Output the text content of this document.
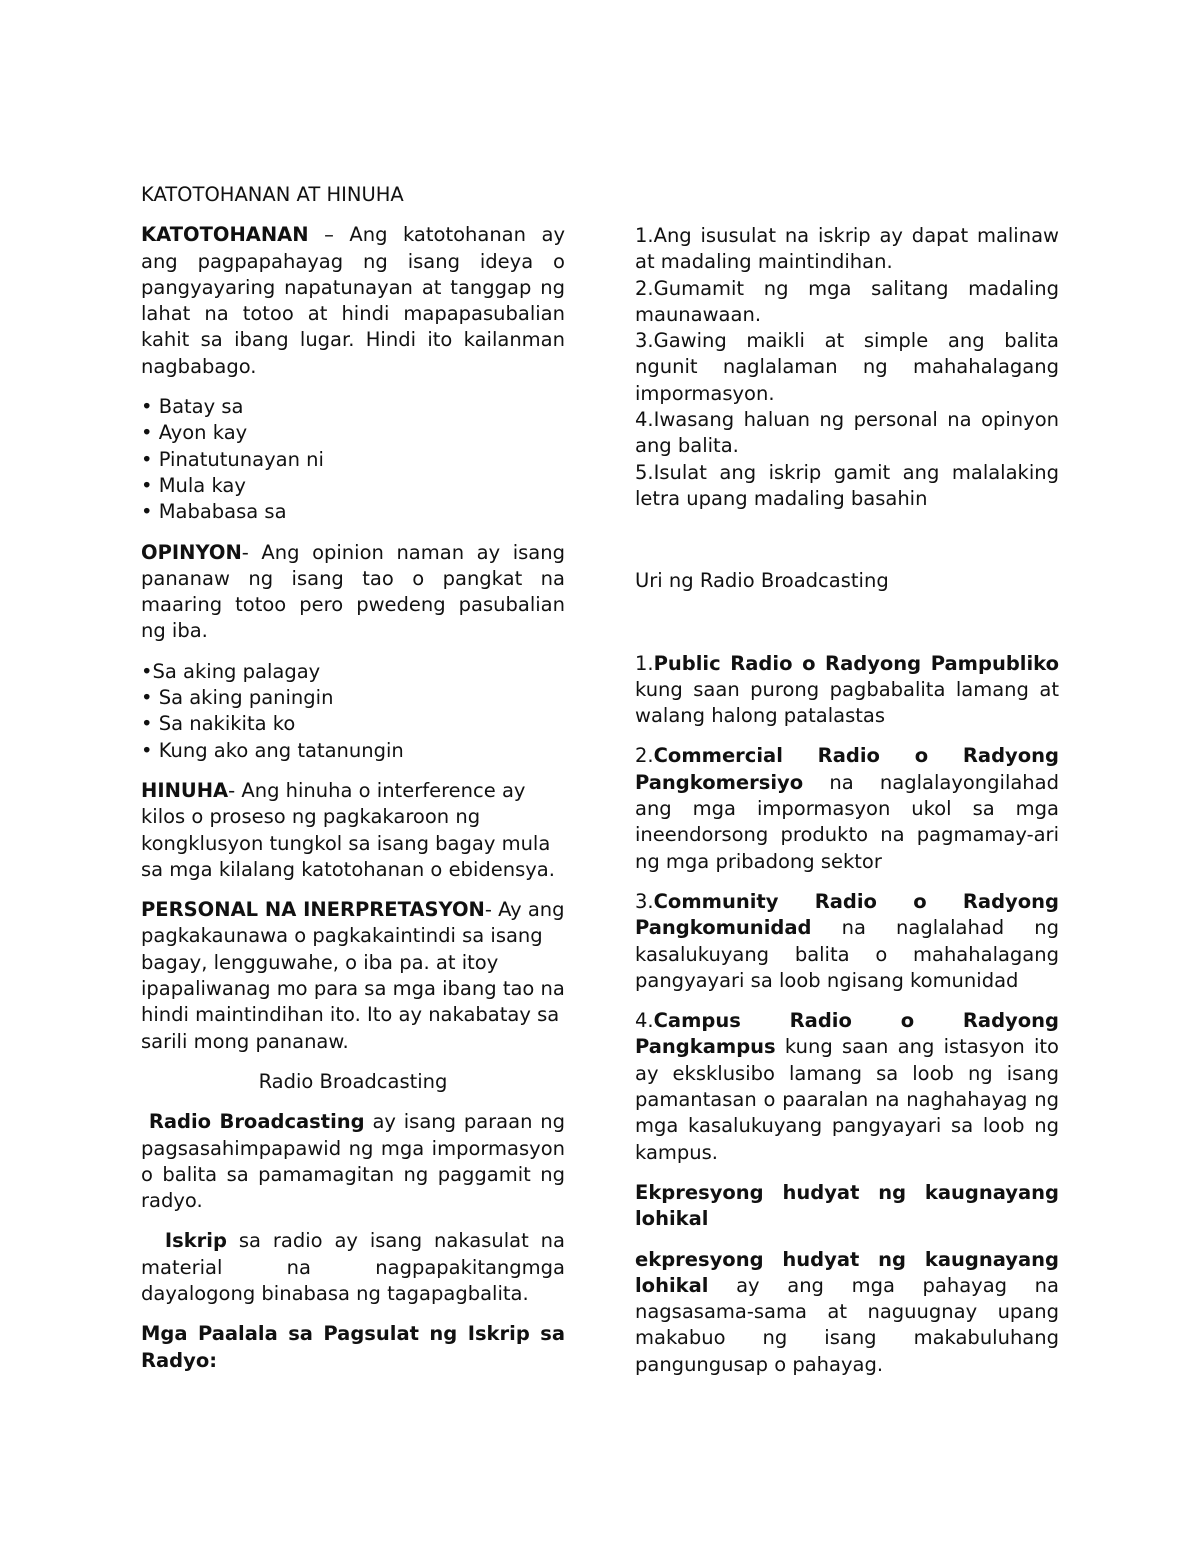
KATOTOHANAN AT HINUHA

KATOTOHANAN – Ang katotohanan ay ang pagpapahayag ng isang ideya o pangyayaring napatunayan at tanggap ng lahat na totoo at hindi mapapasubalian kahit sa ibang lugar. Hindi ito kailanman nagbabago.

• Batay sa
• Ayon kay
• Pinatutunayan ni
• Mula kay
• Mababasa sa

OPINYON- Ang opinion naman ay isang pananaw ng isang tao o pangkat na maaring totoo pero pwedeng pasubalian ng iba.

•Sa aking palagay
• Sa aking paningin
• Sa nakikita ko
• Kung ako ang tatanungin

HINUHA- Ang hinuha o interference ay kilos o proseso ng pagkakaroon ng kongklusyon tungkol sa isang bagay mula sa mga kilalang katotohanan o ebidensya.

PERSONAL NA INERPRETASYON- Ay ang pagkakaunawa o pagkakaintindi sa isang bagay, lengguwahe, o iba pa. at itoy ipapaliwanag mo para sa mga ibang tao na hindi maintindihan ito. Ito ay nakabatay sa sarili mong pananaw.

Radio Broadcasting

Radio Broadcasting ay isang paraan ng pagsasahimpapawid ng mga impormasyon o balita sa pamamagitan ng paggamit ng radyo.

Iskrip sa radio ay isang nakasulat na material na nagpapakitangmga dayalogong binabasa ng tagapagbalita.

Mga Paalala sa Pagsulat ng Iskrip sa Radyo:

1.Ang isusulat na iskrip ay dapat malinaw at madaling maintindihan.

2.Gumamit ng mga salitang madaling maunawaan.

3.Gawing maikli at simple ang balita ngunit naglalaman ng mahahalagang impormasyon.

4.Iwasang haluan ng personal na opinyon ang balita.

5.Isulat ang iskrip gamit ang malalaking letra upang madaling basahin

Uri ng Radio Broadcasting

1.Public Radio o Radyong Pampubliko kung saan purong pagbabalita lamang at walang halong patalastas

2.Commercial Radio o Radyong Pangkomersiyo na naglalayongilahad ang mga impormasyon ukol sa mga ineendorsong produkto na pagmamay-ari ng mga pribadong sektor

3.Community Radio o Radyong Pangkomunidad na naglalahad ng kasalukuyang balita o mahahalagang pangyayari sa loob ngisang komunidad

4.Campus Radio o Radyong Pangkampus kung saan ang istasyon ito ay eksklusibo lamang sa loob ng isang pamantasan o paaralan na naghahayag ng mga kasalukuyang pangyayari sa loob ng kampus.

Ekpresyong hudyat ng kaugnayang lohikal

ekpresyong hudyat ng kaugnayang lohikal ay ang mga pahayag na nagsasama-sama at naguugnay upang makabuo ng isang makabuluhang pangungusap o pahayag.
